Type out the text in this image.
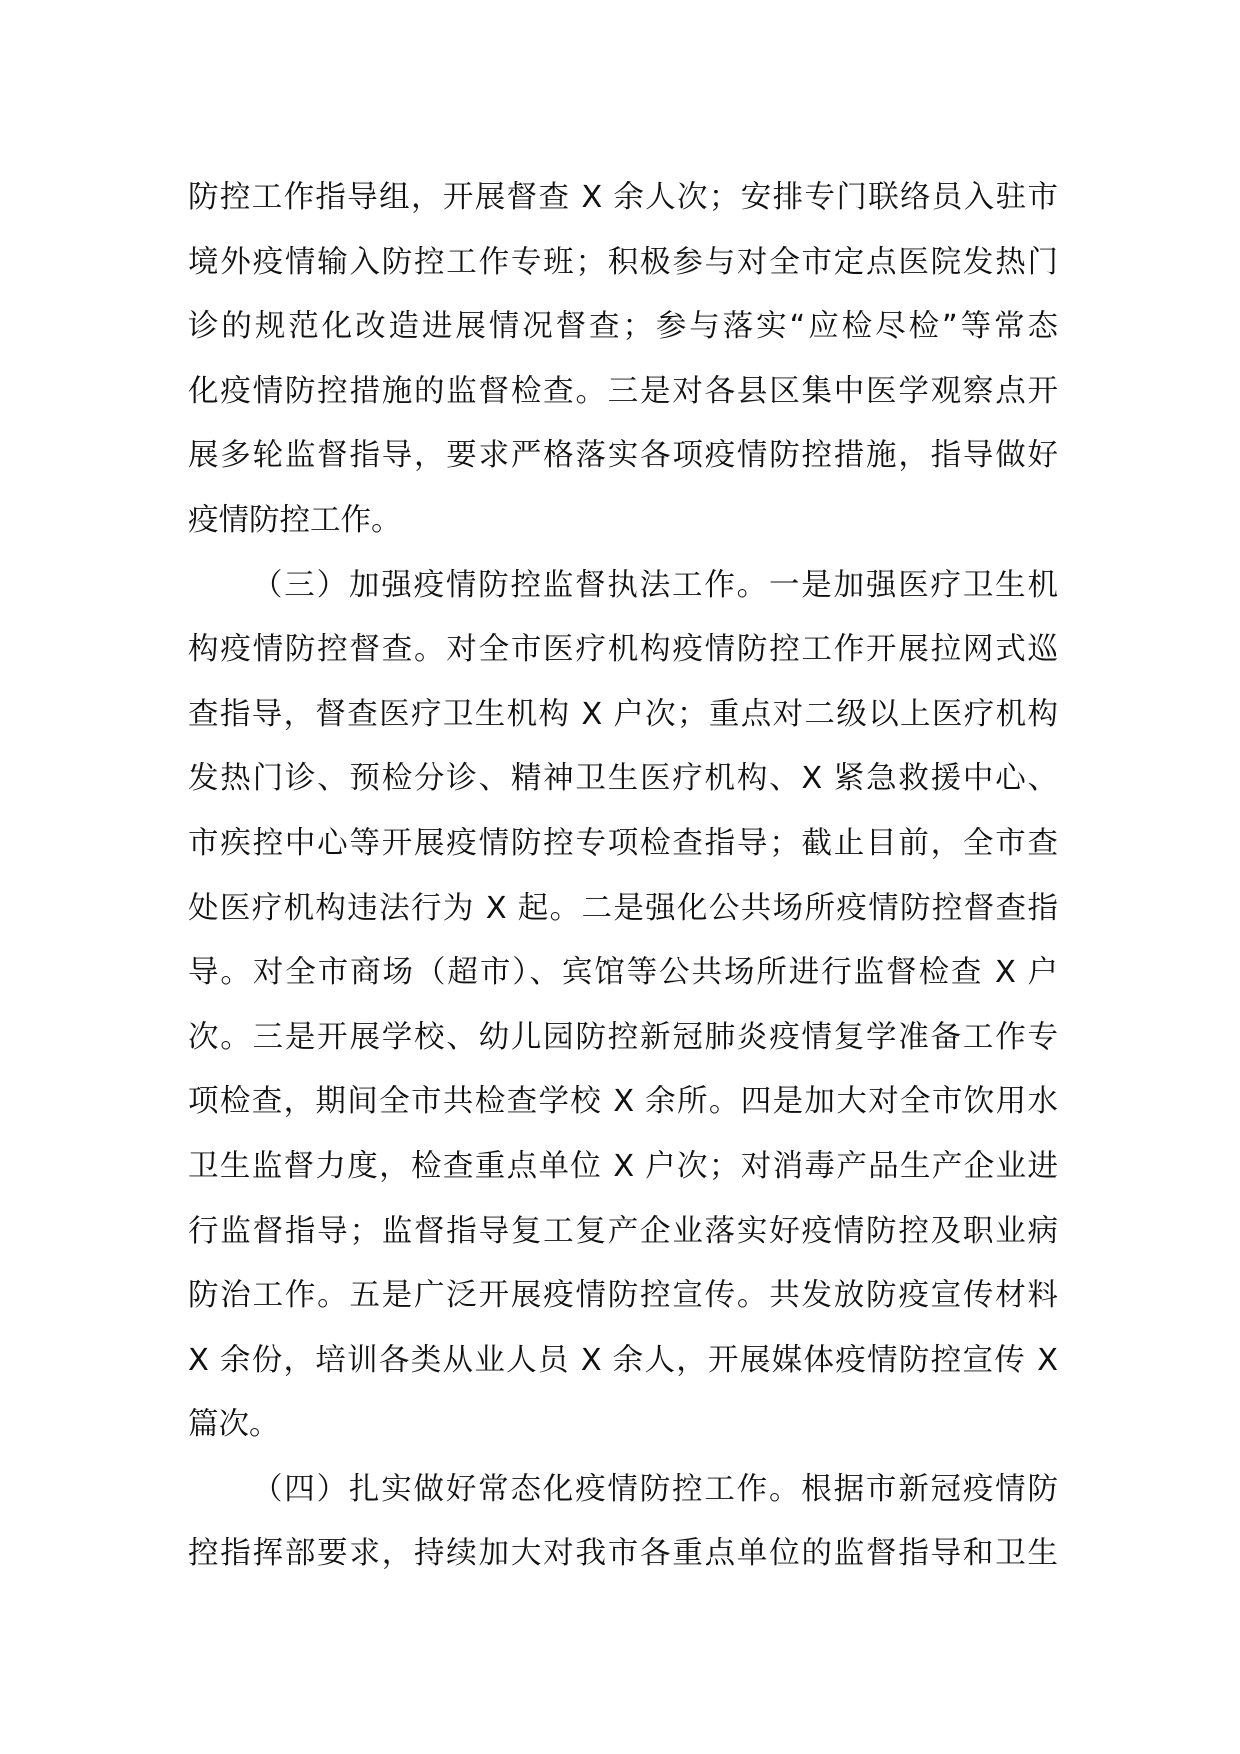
防控工作指导组，开展督查 X 余人次；安排专门联络员入驻市
境外疫情输入防控工作专班；积极参与对全市定点医院发热门
诊的规范化改造进展情况督查；参与落实“应检尽检”等常态
化疫情防控措施的监督检查。三是对各县区集中医学观察点开
展多轮监督指导，要求严格落实各项疫情防控措施，指导做好
疫情防控工作。
（三）加强疫情防控监督执法工作。一是加强医疗卫生机
构疫情防控督查。对全市医疗机构疫情防控工作开展拉网式巡
查指导，督查医疗卫生机构 X 户次；重点对二级以上医疗机构
发热门诊、预检分诊、精神卫生医疗机构、X 紧急救援中心、
市疾控中心等开展疫情防控专项检查指导；截止目前，全市查
处医疗机构违法行为 X 起。二是强化公共场所疫情防控督查指
导。对全市商场（超市）、宾馆等公共场所进行监督检查 X 户
次。三是开展学校、幼儿园防控新冠肺炎疫情复学准备工作专
项检查，期间全市共检查学校 X 余所。四是加大对全市饮用水
卫生监督力度，检查重点单位 X 户次；对消毒产品生产企业进
行监督指导；监督指导复工复产企业落实好疫情防控及职业病
防治工作。五是广泛开展疫情防控宣传。共发放防疫宣传材料
X 余份，培训各类从业人员 X 余人，开展媒体疫情防控宣传 X
篇次。
（四）扎实做好常态化疫情防控工作。根据市新冠疫情防
控指挥部要求，持续加大对我市各重点单位的监督指导和卫生
